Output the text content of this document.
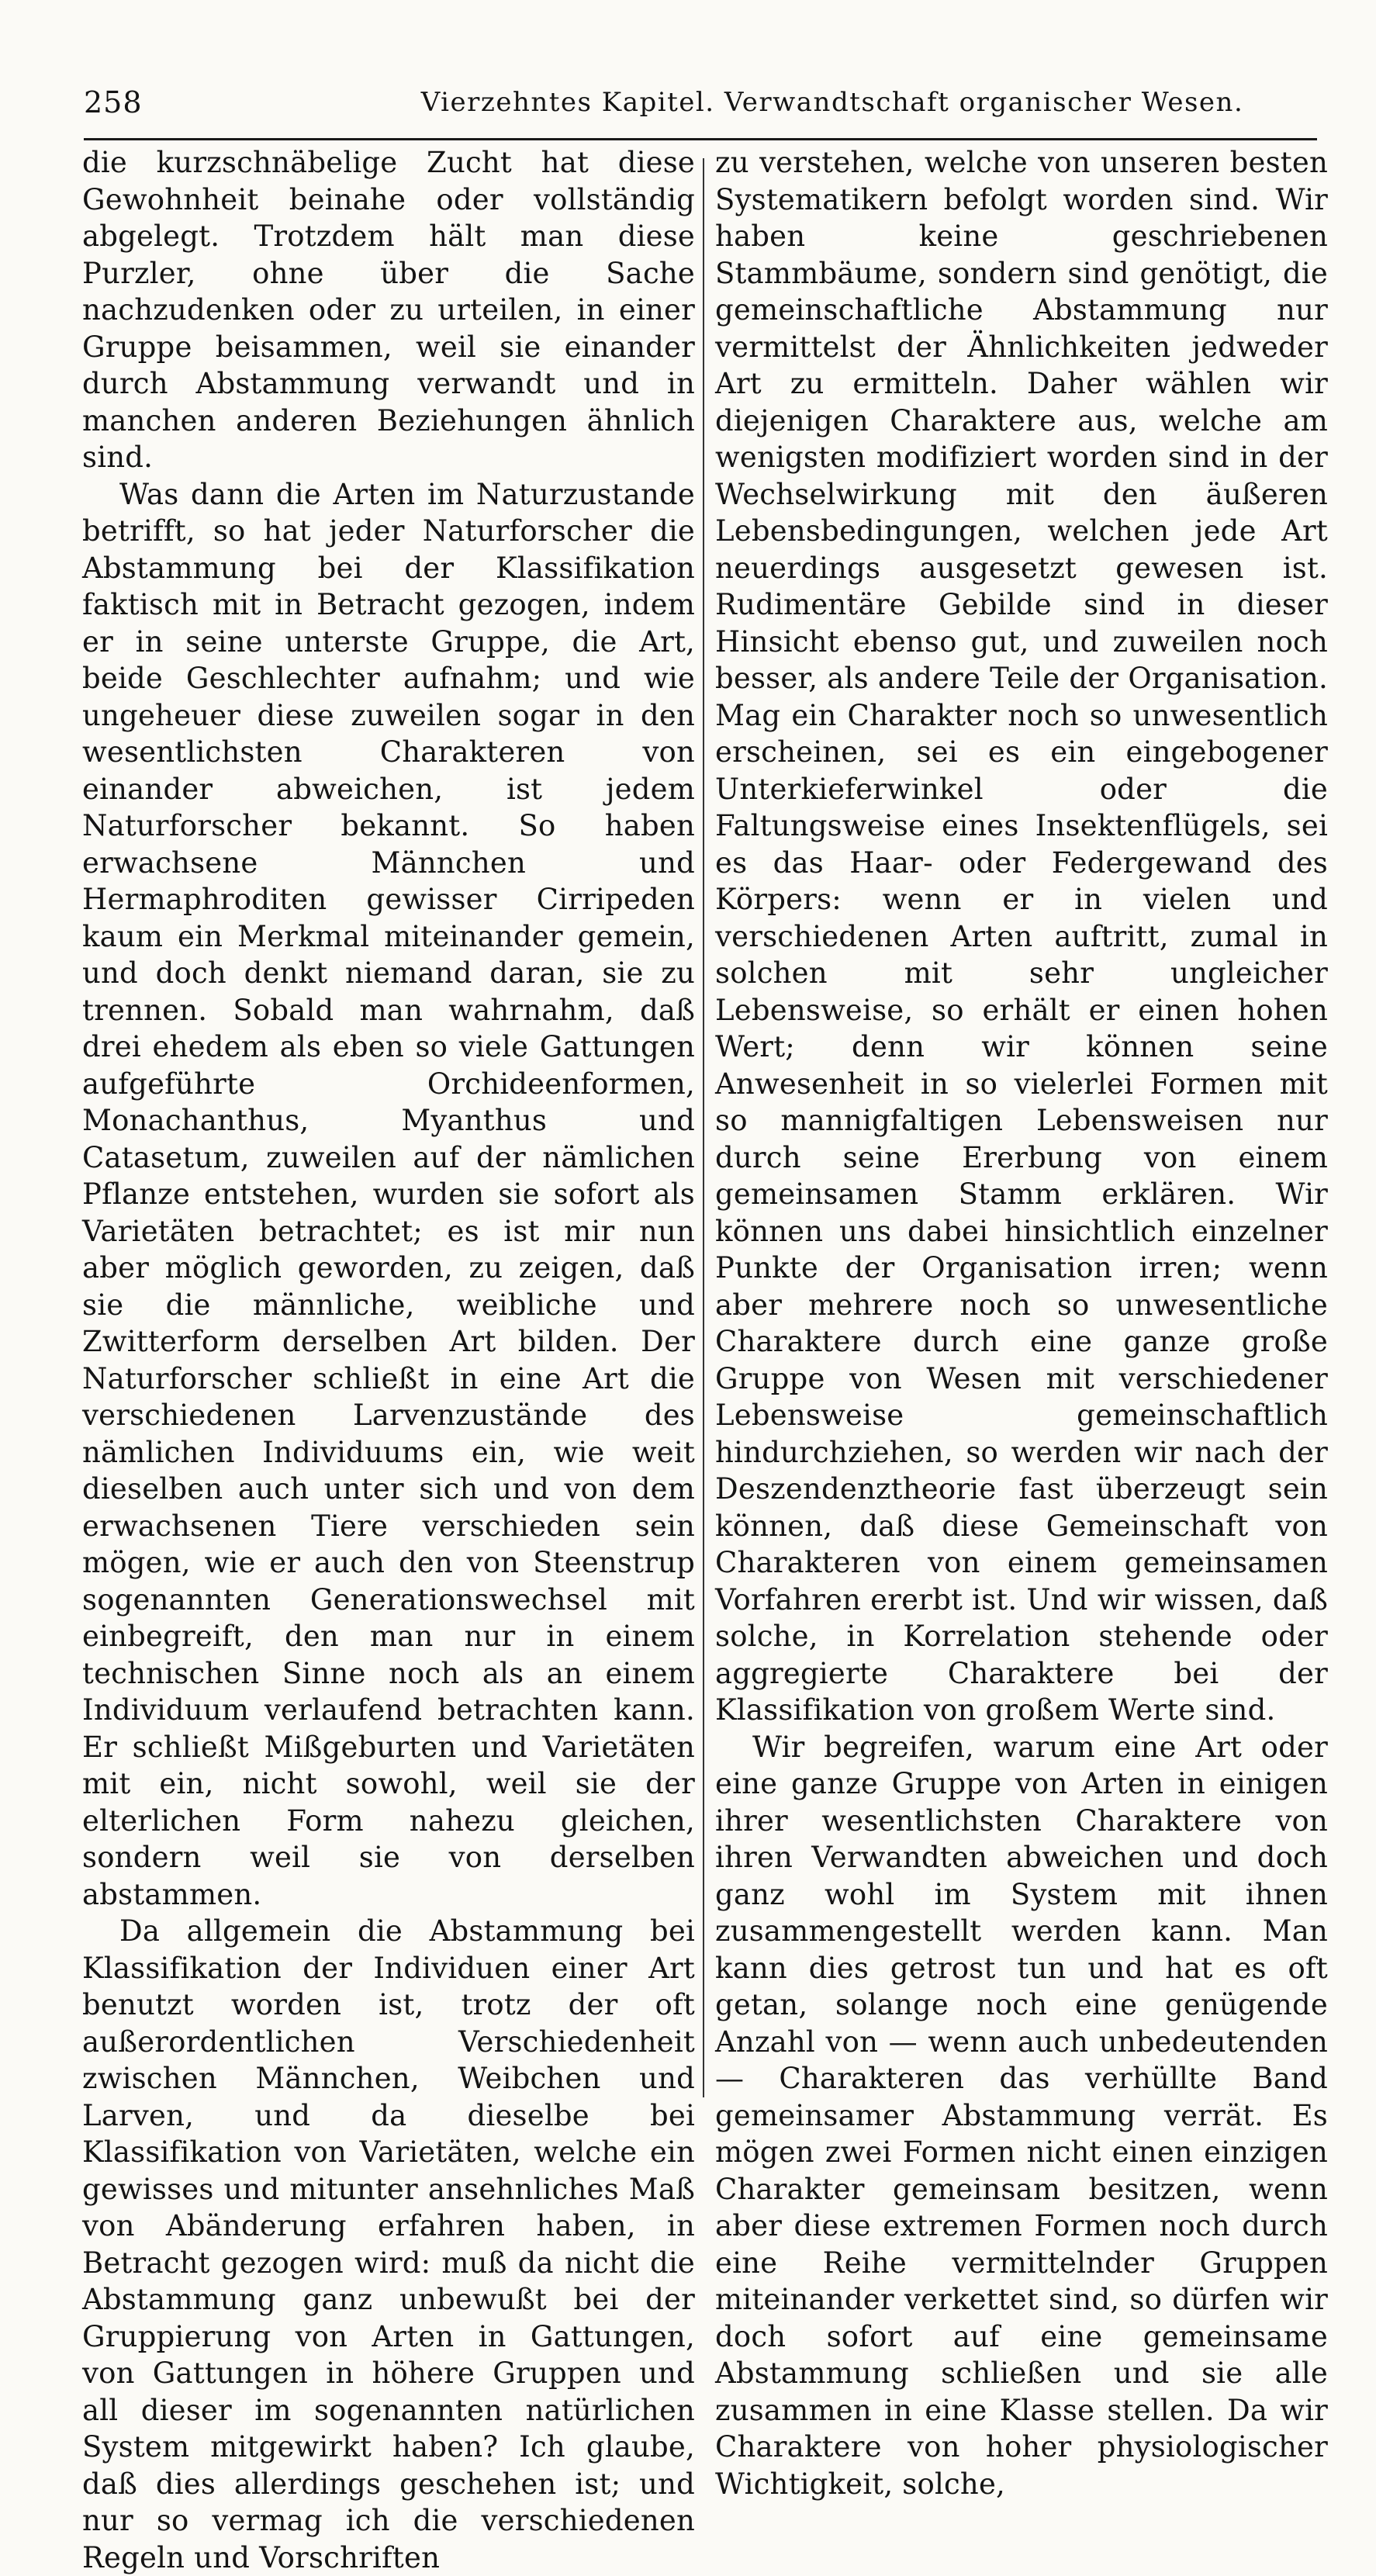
258	Vierzehntes Kapitel. Verwandtschaft organischer Wesen.

die kurzschnäbelige Zucht hat diese Gewohnheit beinahe oder vollständig abgelegt. Trotzdem hält man diese Purzler, ohne über die Sache nachzudenken oder zu urteilen, in einer Gruppe beisammen, weil sie einander durch Abstammung verwandt und in manchen anderen Beziehungen ähnlich sind.

Was dann die Arten im Naturzustande betrifft, so hat jeder Naturforscher die Abstammung bei der Klassifikation faktisch mit in Betracht gezogen, indem er in seine unterste Gruppe, die Art, beide Geschlechter aufnahm; und wie ungeheuer diese zuweilen sogar in den wesentlichsten Charakteren von einander abweichen, ist jedem Naturforscher bekannt. So haben erwachsene Männchen und Hermaphroditen gewisser Cirripeden kaum ein Merkmal miteinander gemein, und doch denkt niemand daran, sie zu trennen. Sobald man wahrnahm, daß drei ehedem als eben so viele Gattungen aufgeführte Orchideenformen, Monachanthus, Myanthus und Catasetum, zuweilen auf der nämlichen Pflanze entstehen, wurden sie sofort als Varietäten betrachtet; es ist mir nun aber möglich geworden, zu zeigen, daß sie die männliche, weibliche und Zwitterform derselben Art bilden. Der Naturforscher schließt in eine Art die verschiedenen Larvenzustände des nämlichen Individuums ein, wie weit dieselben auch unter sich und von dem erwachsenen Tiere verschieden sein mögen, wie er auch den von Steenstrup sogenannten Generationswechsel mit einbegreift, den man nur in einem technischen Sinne noch als an einem Individuum verlaufend betrachten kann. Er schließt Mißgeburten und Varietäten mit ein, nicht sowohl, weil sie der elterlichen Form nahezu gleichen, sondern weil sie von derselben abstammen.

Da allgemein die Abstammung bei Klassifikation der Individuen einer Art benutzt worden ist, trotz der oft außerordentlichen Verschiedenheit zwischen Männchen, Weibchen und Larven, und da dieselbe bei Klassifikation von Varietäten, welche ein gewisses und mitunter ansehnliches Maß von Abänderung erfahren haben, in Betracht gezogen wird: muß da nicht die Abstammung ganz unbewußt bei der Gruppierung von Arten in Gattungen, von Gattungen in höhere Gruppen und all dieser im sogenannten natürlichen System mitgewirkt haben? Ich glaube, daß dies allerdings geschehen ist; und nur so vermag ich die verschiedenen Regeln und Vorschriften

zu verstehen, welche von unseren besten Systematikern befolgt worden sind. Wir haben keine geschriebenen Stammbäume, sondern sind genötigt, die gemeinschaftliche Abstammung nur vermittelst der Ähnlichkeiten jedweder Art zu ermitteln. Daher wählen wir diejenigen Charaktere aus, welche am wenigsten modifiziert worden sind in der Wechselwirkung mit den äußeren Lebensbedingungen, welchen jede Art neuerdings ausgesetzt gewesen ist. Rudimentäre Gebilde sind in dieser Hinsicht ebenso gut, und zuweilen noch besser, als andere Teile der Organisation. Mag ein Charakter noch so unwesentlich erscheinen, sei es ein eingebogener Unterkieferwinkel oder die Faltungsweise eines Insektenflügels, sei es das Haar- oder Federgewand des Körpers: wenn er in vielen und verschiedenen Arten auftritt, zumal in solchen mit sehr ungleicher Lebensweise, so erhält er einen hohen Wert; denn wir können seine Anwesenheit in so vielerlei Formen mit so mannigfaltigen Lebensweisen nur durch seine Ererbung von einem gemeinsamen Stamm erklären. Wir können uns dabei hinsichtlich einzelner Punkte der Organisation irren; wenn aber mehrere noch so unwesentliche Charaktere durch eine ganze große Gruppe von Wesen mit verschiedener Lebensweise gemeinschaftlich hindurchziehen, so werden wir nach der Deszendenztheorie fast überzeugt sein können, daß diese Gemeinschaft von Charakteren von einem gemeinsamen Vorfahren ererbt ist. Und wir wissen, daß solche, in Korrelation stehende oder aggregierte Charaktere bei der Klassifikation von großem Werte sind.

Wir begreifen, warum eine Art oder eine ganze Gruppe von Arten in einigen ihrer wesentlichsten Charaktere von ihren Verwandten abweichen und doch ganz wohl im System mit ihnen zusammengestellt werden kann. Man kann dies getrost tun und hat es oft getan, solange noch eine genügende Anzahl von — wenn auch unbedeutenden — Charakteren das verhüllte Band gemeinsamer Abstammung verrät. Es mögen zwei Formen nicht einen einzigen Charakter gemeinsam besitzen, wenn aber diese extremen Formen noch durch eine Reihe vermittelnder Gruppen miteinander verkettet sind, so dürfen wir doch sofort auf eine gemeinsame Abstammung schließen und sie alle zusammen in eine Klasse stellen. Da wir Charaktere von hoher physiologischer Wichtigkeit, solche,
